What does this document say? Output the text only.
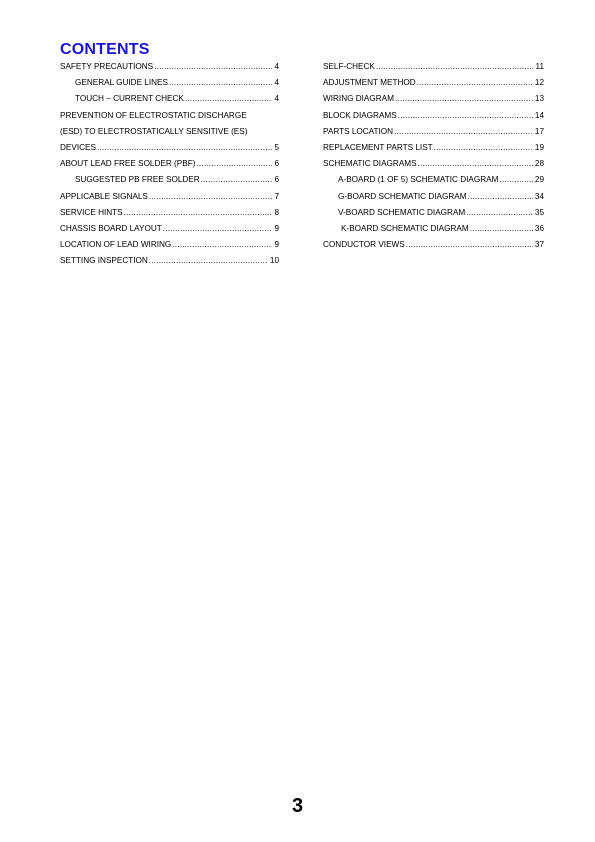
CONTENTS
SAFETY PRECAUTIONS .....	4
GENERAL GUIDE LINES .....	4
TOUCH – CURRENT CHECK .....	4
PREVENTION OF ELECTROSTATIC DISCHARGE
(ESD) TO ELECTROSTATICALLY SENSITIVE (ES)
DEVICES .....	5
ABOUT LEAD FREE SOLDER (PBF) .....	6
SUGGESTED PB FREE SOLDER .....	6
APPLICABLE SIGNALS .....	7
SERVICE HINTS .....	8
CHASSIS BOARD LAYOUT .....	9
LOCATION OF LEAD WIRING .....	9
SETTING INSPECTION .....	10
SELF-CHECK .....	11
ADJUSTMENT METHOD .....	12
WIRING DIAGRAM .....	13
BLOCK DIAGRAMS .....	14
PARTS LOCATION .....	17
REPLACEMENT PARTS LIST .....	19
SCHEMATIC DIAGRAMS .....	28
A-BOARD (1 OF 5) SCHEMATIC DIAGRAM .....	29
G-BOARD SCHEMATIC DIAGRAM .....	34
V-BOARD SCHEMATIC DIAGRAM .....	35
K-BOARD SCHEMATIC DIAGRAM .....	36
CONDUCTOR VIEWS .....	37
3
